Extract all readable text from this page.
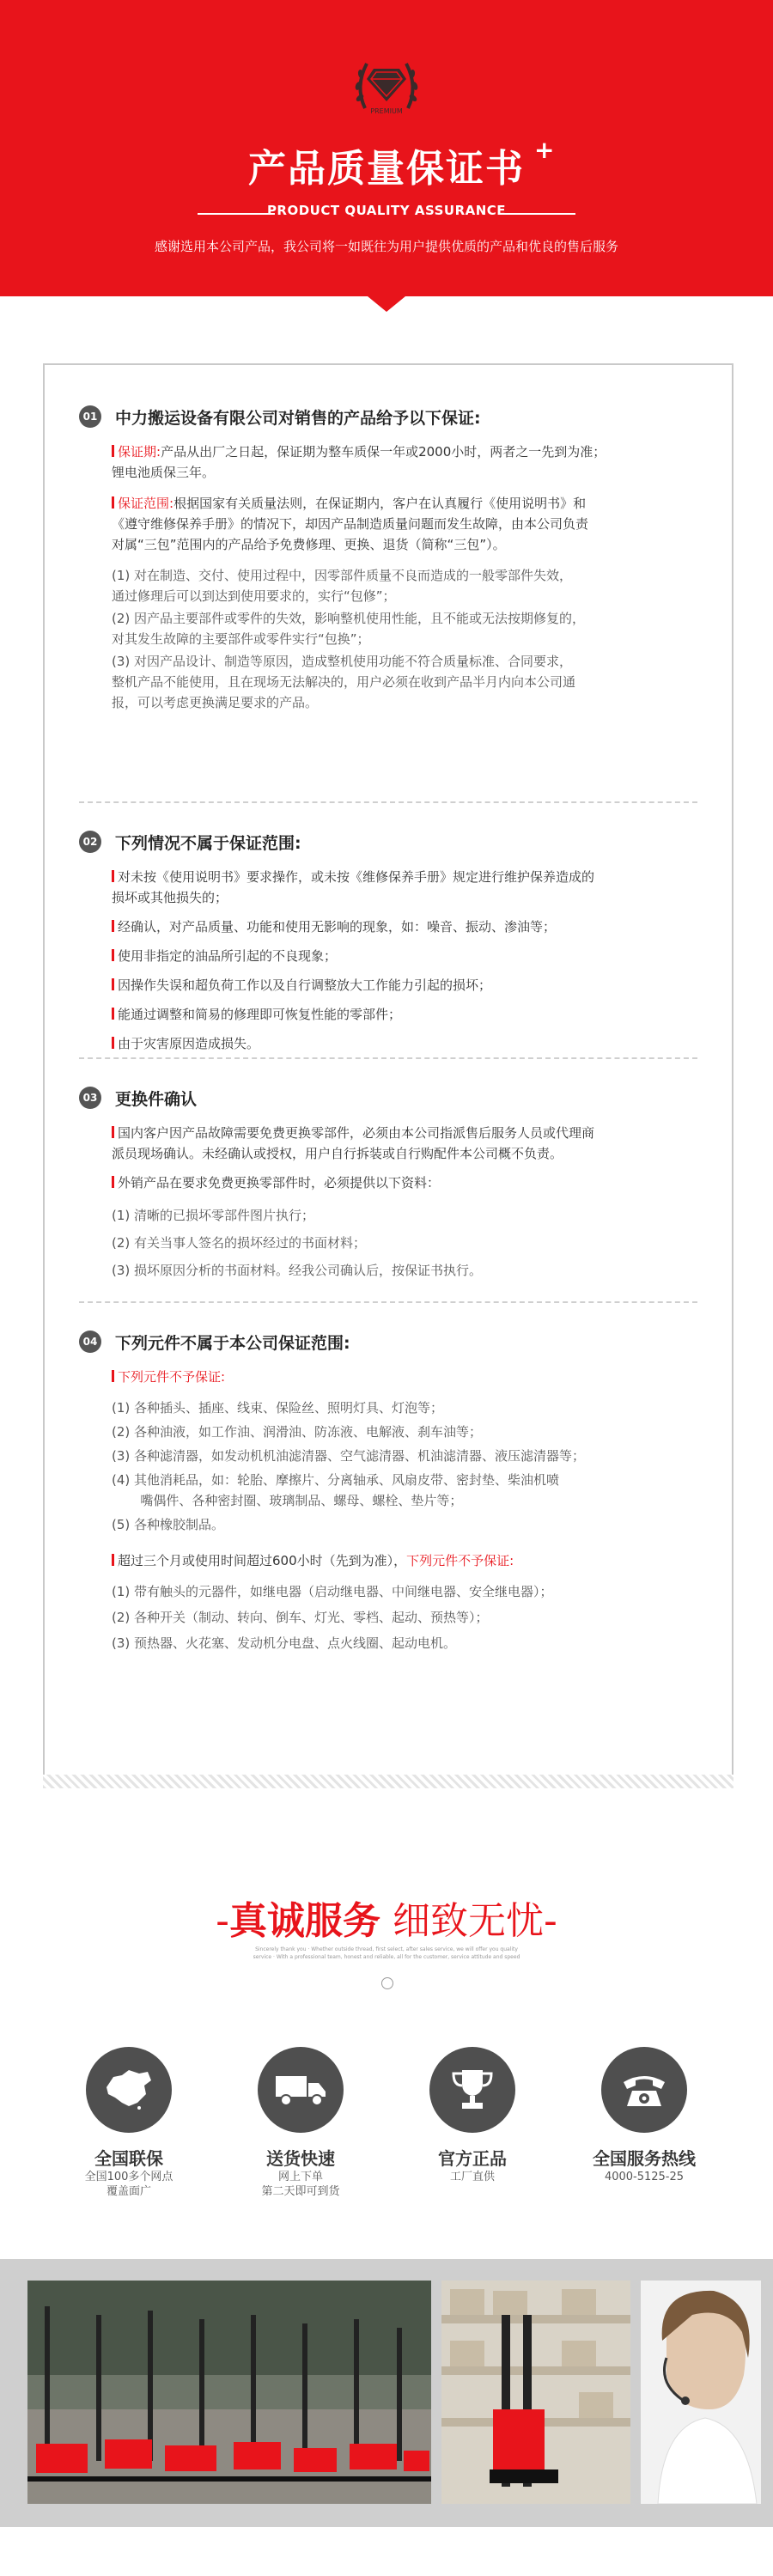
PREMIUM
产品质量保证书 +
PRODUCT QUALITY ASSURANCE
感谢选用本公司产品，我公司将一如既往为用户提供优质的产品和优良的售后服务
01 中力搬运设备有限公司对销售的产品给予以下保证:
保证期:产品从出厂之日起，保证期为整车质保一年或2000小时，两者之一先到为准；
锂电池质保三年。
保证范围:根据国家有关质量法则，在保证期内，客户在认真履行《使用说明书》和
《遵守维修保养手册》的情况下，却因产品制造质量问题而发生故障，由本公司负责
对属“三包”范围内的产品给予免费修理、更换、退货（简称“三包”）。
(1) 对在制造、交付、使用过程中，因零部件质量不良而造成的一般零部件失效，
通过修理后可以到达到使用要求的，实行“包修”；
(2) 因产品主要部件或零件的失效，影响整机使用性能，且不能或无法按期修复的，
对其发生故障的主要部件或零件实行“包换”；
(3) 对因产品设计、制造等原因，造成整机使用功能不符合质量标准、合同要求，
整机产品不能使用，且在现场无法解决的，用户必须在收到产品半月内向本公司通
报，可以考虑更换满足要求的产品。
02 下列情况不属于保证范围:
对未按《使用说明书》要求操作，或未按《维修保养手册》规定进行维护保养造成的
损坏或其他损失的；
经确认，对产品质量、功能和使用无影响的现象，如：噪音、振动、渗油等；
使用非指定的油品所引起的不良现象；
因操作失误和超负荷工作以及自行调整放大工作能力引起的损坏；
能通过调整和简易的修理即可恢复性能的零部件；
由于灾害原因造成损失。
03 更换件确认
国内客户因产品故障需要免费更换零部件，必须由本公司指派售后服务人员或代理商
派员现场确认。未经确认或授权，用户自行拆装或自行购配件本公司概不负责。
外销产品在要求免费更换零部件时，必须提供以下资料：
(1) 清晰的已损坏零部件图片执行；
(2) 有关当事人签名的损坏经过的书面材料；
(3) 损坏原因分析的书面材料。经我公司确认后，按保证书执行。
04 下列元件不属于本公司保证范围:
下列元件不予保证:
(1) 各种插头、插座、线束、保险丝、照明灯具、灯泡等；
(2) 各种油液，如工作油、润滑油、防冻液、电解液、刹车油等；
(3) 各种滤清器，如发动机机油滤清器、空气滤清器、机油滤清器、液压滤清器等；
(4) 其他消耗品，如：轮胎、摩擦片、分离轴承、风扇皮带、密封垫、柴油机喷
嘴偶件、各种密封圈、玻璃制品、螺母、螺栓、垫片等；
(5) 各种橡胶制品。
超过三个月或使用时间超过600小时（先到为准），下列元件不予保证:
(1) 带有触头的元器件，如继电器（启动继电器、中间继电器、安全继电器）；
(2) 各种开关（制动、转向、倒车、灯光、零档、起动、预热等）；
(3) 预热器、火花塞、发动机分电盘、点火线圈、起动电机。
-真诚服务 细致无忧-
Sincerely thank you · Whether outside thread, first select, after sales service, we will offer you quality
service · With a professional team, honest and reliable, all for the customer, service attitude and speed
全国联保
全国100多个网点
覆盖面广
送货快速
网上下单
第二天即可到货
官方正品
工厂直供
全国服务热线
4000-5125-25
